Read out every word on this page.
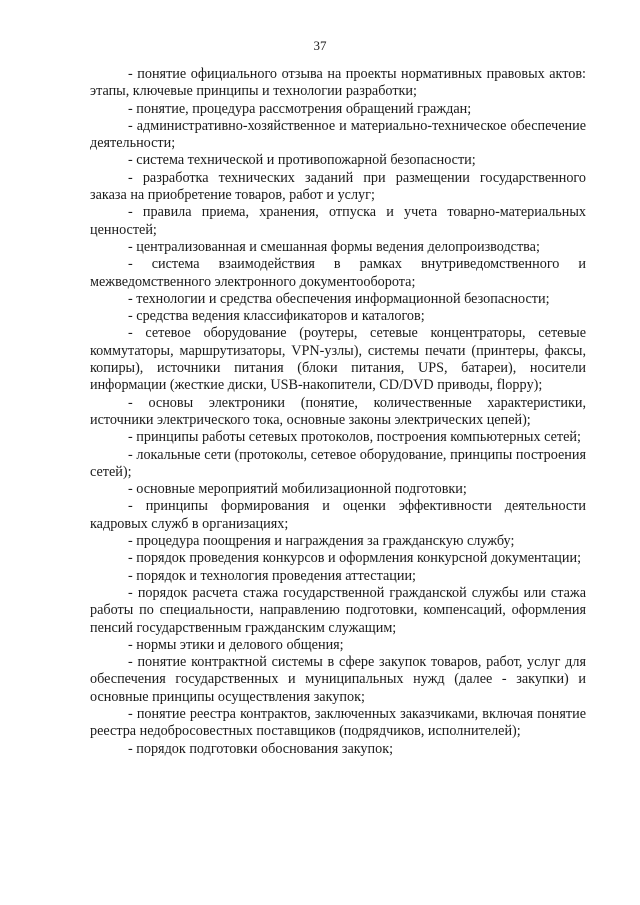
37

- понятие официального отзыва на проекты нормативных правовых актов: этапы, ключевые принципы и технологии разработки;

- понятие, процедура рассмотрения обращений граждан;

- административно-хозяйственное и материально-техническое обеспечение деятельности;

- система технической и противопожарной безопасности;

- разработка технических заданий при размещении государственного заказа на приобретение товаров, работ и услуг;

- правила приема, хранения, отпуска и учета товарно-материальных ценностей;

- централизованная и смешанная формы ведения делопроизводства;

- система взаимодействия в рамках внутриведомственного и межведомственного электронного документооборота;

- технологии и средства обеспечения информационной безопасности;

- средства ведения классификаторов и каталогов;

- сетевое оборудование (роутеры, сетевые концентраторы, сетевые коммутаторы, маршрутизаторы, VPN-узлы), системы печати (принтеры, факсы, копиры), источники питания (блоки питания, UPS, батареи), носители информации (жесткие диски, USB-накопители, CD/DVD приводы, floppy);

- основы электроники (понятие, количественные характеристики, источники электрического тока, основные законы электрических цепей);

- принципы работы сетевых протоколов, построения компьютерных сетей;

- локальные сети (протоколы, сетевое оборудование, принципы построения сетей);

- основные мероприятий мобилизационной подготовки;

- принципы формирования и оценки эффективности деятельности кадровых служб в организациях;

- процедура поощрения и награждения за гражданскую службу;

- порядок проведения конкурсов и оформления конкурсной документации;

- порядок и технология проведения аттестации;

- порядок расчета стажа государственной гражданской службы или стажа работы по специальности, направлению подготовки, компенсаций, оформления пенсий государственным гражданским служащим;

- нормы этики и делового общения;

- понятие контрактной системы в сфере закупок товаров, работ, услуг для обеспечения государственных и муниципальных нужд (далее - закупки) и основные принципы осуществления закупок;

- понятие реестра контрактов, заключенных заказчиками, включая понятие реестра недобросовестных поставщиков (подрядчиков, исполнителей);

- порядок подготовки обоснования закупок;
